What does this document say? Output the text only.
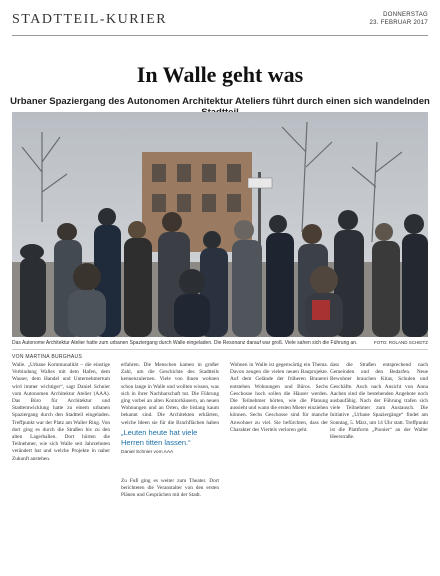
STADTTEIL-KURIER	DONNERSTAG
23. FEBRUAR 2017
In Walle geht was
Urbaner Spaziergang des Autonomen Architektur Ateliers führt durch einen sich wandelnden
Das Autonome Architektur Atelier hatte zum urbanen Spaziergang durch Walle eingeladen. Die Resonanz darauf war groß. Viele sahen sich die Führung an.	FOTO: ROLAND SCHEITZ
VON MARTINA BURGHAUS

Walle. „Urbane Kommunalität – die einstige Verbindung Walles mit dem Hafen, dem Wasser, dem Handel und Unternehmertum wird immer wichtiger“, sagt Daniel Schnier vom Autonomen Architektur Atelier (AAA). Das Büro für Architektur und Stadtentwicklung hatte zu einem urbanen Spaziergang durch den Stadtteil eingeladen. Treffpunkt war der Platz am Waller Ring. Von dort ging es durch die Straßen bis zu den alten Lagerhallen. Dort hörten die Teilnehmer, wie sich Walle seit Jahrzehnten verändert hat und welche Projekte in naher Zukunft anstehen.

erfahren. Die Menschen kamen in großer Zahl, um die Geschichte des Stadtteils kennenzulernen. Viele von ihnen wohnen schon lange in Walle und wollten wissen, was sich in ihrer Nachbarschaft tut. Die Führung ging vorbei an alten Kontorhäusern, an neuen Wohnungen und an Orten, die bislang kaum bekannt sind. Die Architekten erklärten, welche Ideen sie für die Brachflächen haben

„Leuten heute hat viele Herren titten lassen.“
Daniel Schnier vom AAA

Zu Fuß ging es weiter zum Theater. Dort berichteten die Veranstalter von den ersten Plänen und Gesprächen mit der Stadt.

Wohnen in Walle ist gegenwärtig ein Thema. Davon zeugen die vielen neuen Bauprojekte. Auf dem Gelände der früheren Brauerei entstehen Wohnungen und Büros. Sechs Geschosse hoch sollen die Häuser werden. Die Teilnehmer hörten, wie die Planung aussieht und wann die ersten Mieter einziehen können. Sechs Geschosse sind für manche Anwohner zu viel. Sie befürchten, dass der Charakter des Viertels verloren geht.

dass die Straßen entsprechend nach Gemeinden und den Bedarfen. Neue Bewohner brauchen Kitas, Schulen und Geschäfte. Auch nach Ansicht von Anna Aachen sind die bestehenden Angebote noch ausbaufähig. Nach der Führung trafen sich viele Teilnehmer zum Austausch. Die Initiative „Urbane Spaziergänge“ findet am Sonntag, 5. März, um 14 Uhr statt. Treffpunkt ist die Plattform „Pionier“ an der Waller Heerstraße.
